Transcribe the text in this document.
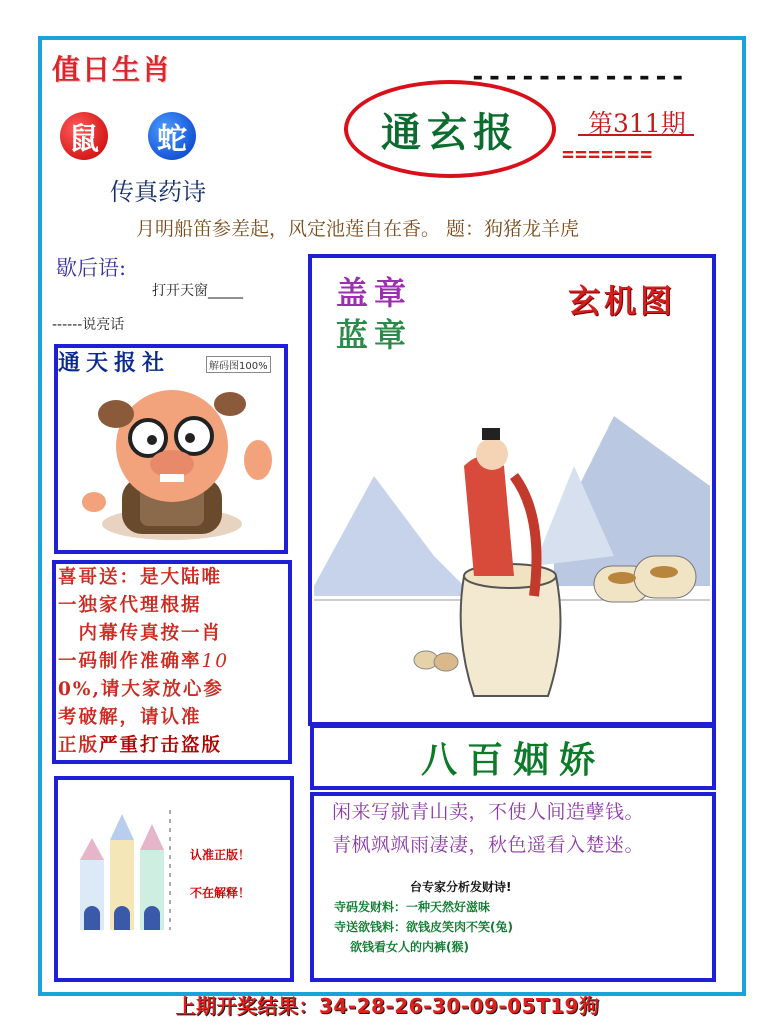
值日生肖	-------------
鼠	蛇
传真药诗
通玄报	第311期
=======
月明船笛参差起，风定池莲自在香。 题：狗猪龙羊虎
歇后语:
打开天窗_____
------说亮话
通天报社	解码图100%
喜哥送：是大陆唯
一独家代理根据
　内幕传真按一肖
一码制作准确率10
0%,请大家放心参
考破解，请认准
正版严重打击盗版
认准正版！
不在解释！
盖章
蓝章
玄机图
八百姻娇
闲来写就青山卖，不使人间造孽钱。
青枫飒飒雨凄凄，秋色遥看入楚迷。
台专家分析发财诗!
寺码发财料：一种天然好滋味
寺送欲钱料：欲钱皮笑肉不笑(兔)
欲钱看女人的内裤(猴)
上期开奖结果：34-28-26-30-09-05T19狗
